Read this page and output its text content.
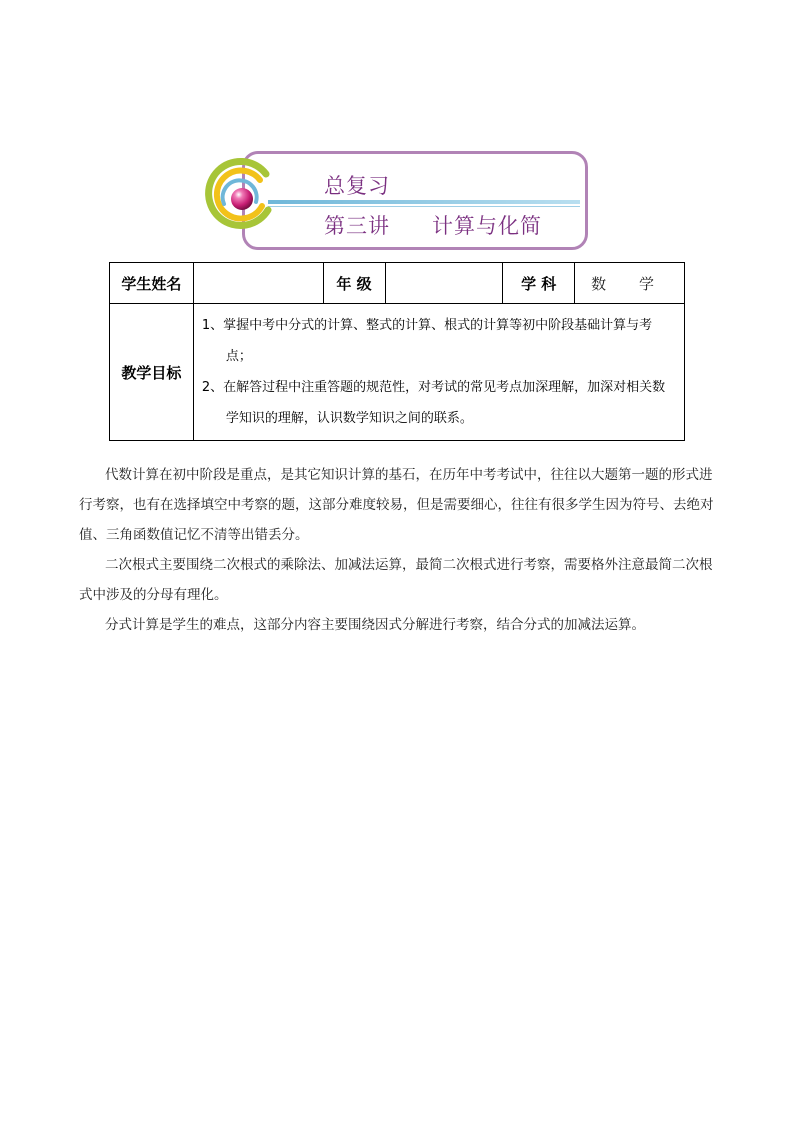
总复习
第三讲 计算与化简
学生姓名		年 级		学 科	数 学
教学目标	1、掌握中考中分式的计算、整式的计算、根式的计算等初中阶段基础计算与考点；

2、在解答过程中注重答题的规范性，对考试的常见考点加深理解，加深对相关数学知识的理解，认识数学知识之间的联系。				

代数计算在初中阶段是重点，是其它知识计算的基石，在历年中考考试中，往往以大题第一题的形式进行考察，也有在选择填空中考察的题，这部分难度较易，但是需要细心，往往有很多学生因为符号、去绝对值、三角函数值记忆不清等出错丢分。

二次根式主要围绕二次根式的乘除法、加减法运算，最简二次根式进行考察，需要格外注意最简二次根式中涉及的分母有理化。

分式计算是学生的难点，这部分内容主要围绕因式分解进行考察，结合分式的加减法运算。
